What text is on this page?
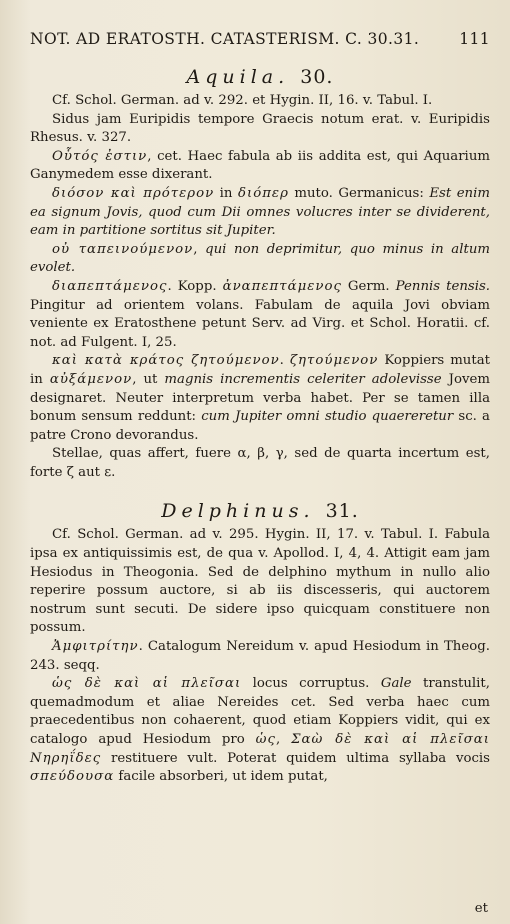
NOT. AD ERATOSTH. CATASTERISM. C. 30.31.	111
Aquila. 30.

Cf. Schol. German. ad v. 292. et Hygin. II, 16. v. Tabul. I.

Sidus jam Euripidis tempore Graecis notum erat. v. Euripidis Rhesus. v. 327.

Οὗτός ἐστιν, cet. Haec fabula ab iis addita est, qui Aquarium Ganymedem esse dixerant.

διόσον καὶ πρότερον in διόπερ muto. Germanicus: Est enim ea signum Jovis, quod cum Dii omnes volucres inter se dividerent, eam in partitione sortitus sit Jupiter.

οὐ ταπεινούμενον, qui non deprimitur, quo minus in altum evolet.

διαπεπτάμενος. Kopp. ἀναπεπτάμενος Germ. Pennis tensis. Pingitur ad orientem volans. Fabulam de aquila Jovi obviam veniente ex Eratosthene petunt Serv. ad Virg. et Schol. Horatii. cf. not. ad Fulgent. I, 25.

καὶ κατὰ κράτος ζητούμενον. ζητούμενον Koppiers mutat in αὐξάμενον, ut magnis incrementis celeriter adolevisse Jovem designaret. Neuter interpretum verba habet. Per se tamen illa bonum sensum reddunt: cum Jupiter omni studio quaereretur sc. a patre Crono devorandus.

Stellae, quas affert, fuere α, β, γ, sed de quarta incertum est, forte ζ aut ε.

Delphinus. 31.

Cf. Schol. German. ad v. 295. Hygin. II, 17. v. Tabul. I. Fabula ipsa ex antiquissimis est, de qua v. Apollod. I, 4, 4. Attigit eam jam Hesiodus in Theogonia. Sed de delphino mythum in nullo alio reperire possum auctore, si ab iis discesseris, qui auctorem nostrum sunt secuti. De sidere ipso quicquam constituere non possum.

Ἀμφιτρίτην. Catalogum Nereidum v. apud Hesiodum in Theog. 243. seqq.

ὡς δὲ καὶ αἱ πλεῖσαι locus corruptus. Gale transtulit, quemadmodum et aliae Nereides cet. Sed verba haec cum praecedentibus non cohaerent, quod etiam Koppiers vidit, qui ex catalogo apud Hesiodum pro ὡς, Σαὼ δὲ καὶ αἱ πλεῖσαι Νηρηΐδες restituere vult. Poterat quidem ultima syllaba vocis σπεύδουσα facile absorberi, ut idem putat,

et
